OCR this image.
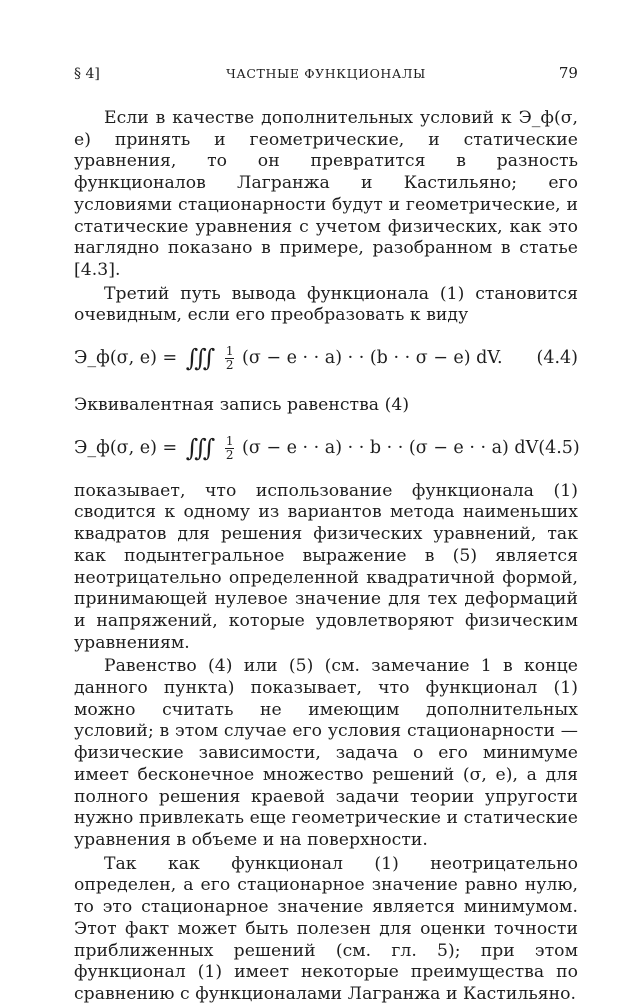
§ 4]	ЧАСТНЫЕ ФУНКЦИОНАЛЫ	79

Если в качестве дополнительных условий к Э_ф(σ, e) принять и геометрические, и статические уравнения, то он превратится в разность функционалов Лагранжа и Кастильяно; его условиями стационарности будут и геометрические, и статические уравнения с учетом физических, как это наглядно показано в примере, разобранном в статье [4.3].

Третий путь вывода функционала (1) становится очевидным, если его преобразовать к виду

Э_ф(σ, e) = ∫∫∫ $\frac{1}{2} (\sigma - e$ · · a) · · (b · · σ − e) dV. (4.4)

Эквивалентная запись равенства (4)

Э_ф(σ, e) = ∫∫∫ $\frac{1}{2} (\sigma - e$ · · a) · · b · · (σ − e · · a) dV (4.5)

показывает, что использование функционала (1) сводится к одному из вариантов метода наименьших квадратов для решения физических уравнений, так как подынтегральное выражение в (5) является неотрицательно определенной квадратичной формой, принимающей нулевое значение для тех деформаций и напряжений, которые удовлетворяют физическим уравнениям.

Равенство (4) или (5) (см. замечание 1 в конце данного пункта) показывает, что функционал (1) можно считать не имеющим дополнительных условий; в этом случае его условия стационарности — физические зависимости, задача о его минимуме имеет бесконечное множество решений (σ, e), а для полного решения краевой задачи теории упругости нужно привлекать еще геометрические и статические уравнения в объеме и на поверхности.

Так как функционал (1) неотрицательно определен, а его стационарное значение равно нулю, то это стационарное значение является минимумом. Этот факт может быть полезен для оценки точности приближенных решений (см. гл. 5); при этом функционал (1) имеет некоторые преимущества по сравнению с функционалами Лагранжа и Кастильяно.
